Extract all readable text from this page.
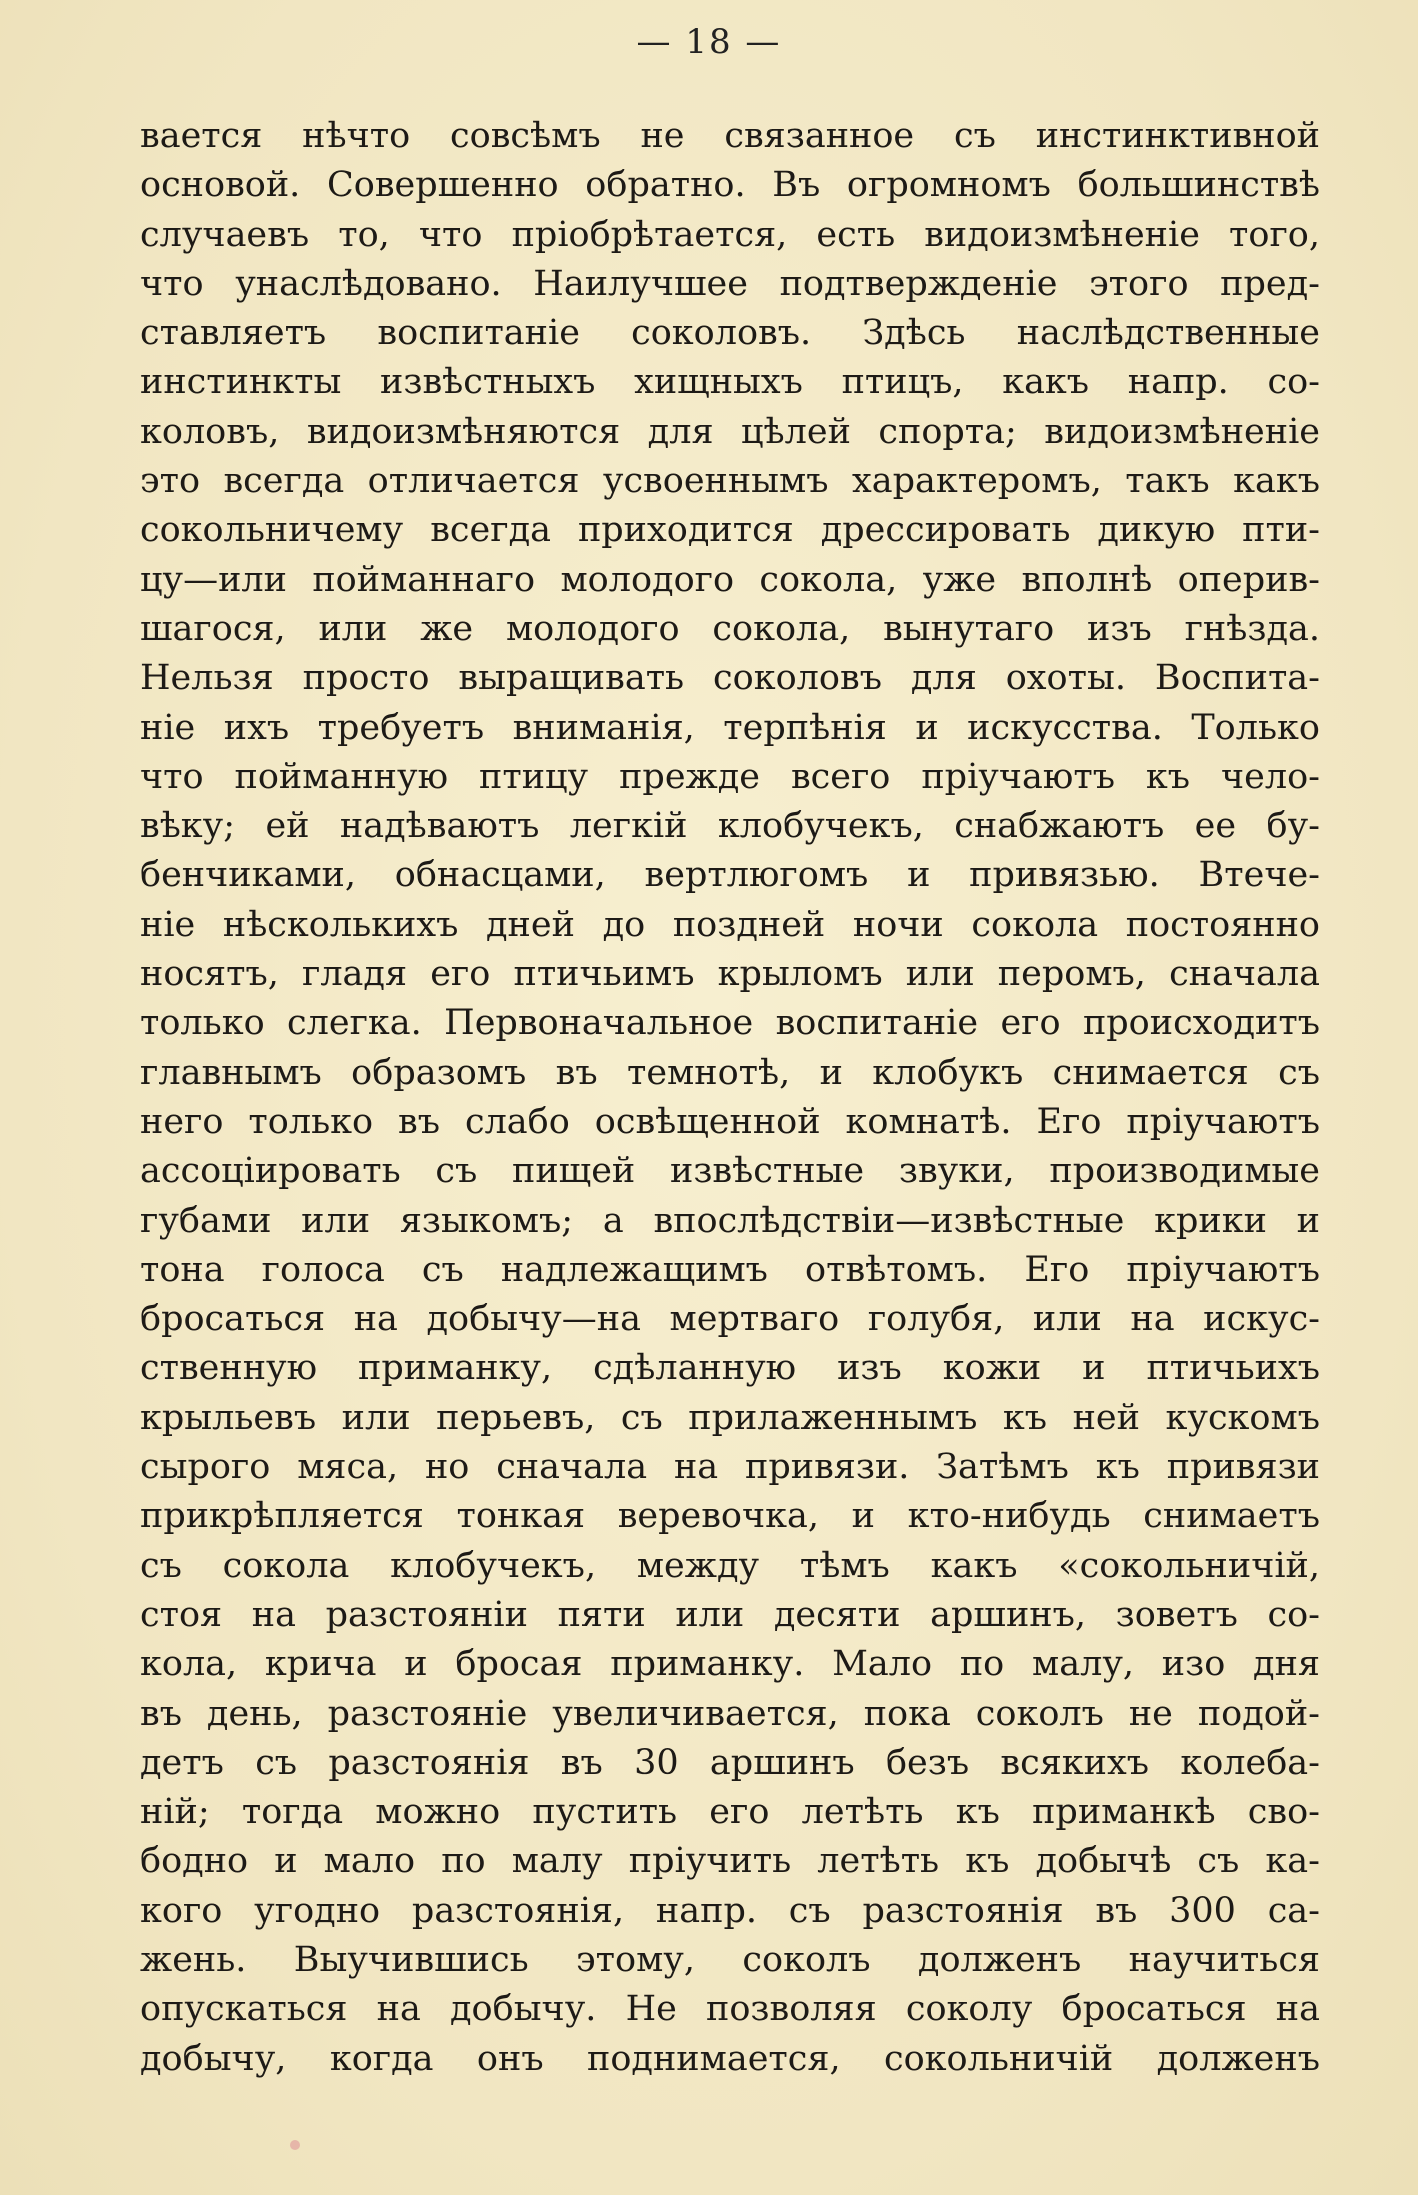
— 18 —
вается нѣчто совсѣмъ не связанное съ инстинктивной
основой. Совершенно обратно. Въ огромномъ большинствѣ
случаевъ то, что пріобрѣтается, есть видоизмѣненіе того,
что унаслѣдовано. Наилучшее подтвержденіе этого пред-
ставляетъ воспитаніе соколовъ. Здѣсь наслѣдственные
инстинкты извѣстныхъ хищныхъ птицъ, какъ напр. со-
коловъ, видоизмѣняются для цѣлей спорта; видоизмѣненіе
это всегда отличается усвоеннымъ характеромъ, такъ какъ
сокольничему всегда приходится дрессировать дикую пти-
цу—или пойманнаго молодого сокола, уже вполнѣ оперив-
шагося, или же молодого сокола, вынутаго изъ гнѣзда.
Нельзя просто выращивать соколовъ для охоты. Воспита-
ніе ихъ требуетъ вниманія, терпѣнія и искусства. Только
что пойманную птицу прежде всего пріучаютъ къ чело-
вѣку; ей надѣваютъ легкій клобучекъ, снабжаютъ ее бу-
бенчиками, обнасцами, вертлюгомъ и привязью. Втече-
ніе нѣсколькихъ дней до поздней ночи сокола постоянно
носятъ, гладя его птичьимъ крыломъ или перомъ, сначала
только слегка. Первоначальное воспитаніе его происходитъ
главнымъ образомъ въ темнотѣ, и клобукъ снимается съ
него только въ слабо освѣщенной комнатѣ. Его пріучаютъ
ассоціировать съ пищей извѣстные звуки, производимые
губами или языкомъ; а впослѣдствіи—извѣстные крики и
тона голоса съ надлежащимъ отвѣтомъ. Его пріучаютъ
бросаться на добычу—на мертваго голубя, или на искус-
ственную приманку, сдѣланную изъ кожи и птичьихъ
крыльевъ или перьевъ, съ прилаженнымъ къ ней кускомъ
сырого мяса, но сначала на привязи. Затѣмъ къ привязи
прикрѣпляется тонкая веревочка, и кто-нибудь снимаетъ
съ сокола клобучекъ, между тѣмъ какъ «сокольничій,
стоя на разстояніи пяти или десяти аршинъ, зоветъ со-
кола, крича и бросая приманку. Мало по малу, изо дня
въ день, разстояніе увеличивается, пока соколъ не подой-
детъ съ разстоянія въ 30 аршинъ безъ всякихъ колеба-
ній; тогда можно пустить его летѣть къ приманкѣ сво-
бодно и мало по малу пріучить летѣть къ добычѣ съ ка-
кого угодно разстоянія, напр. съ разстоянія въ 300 са-
жень. Выучившись этому, соколъ долженъ научиться
опускаться на добычу. Не позволяя соколу бросаться на
добычу, когда онъ поднимается, сокольничій долженъ
